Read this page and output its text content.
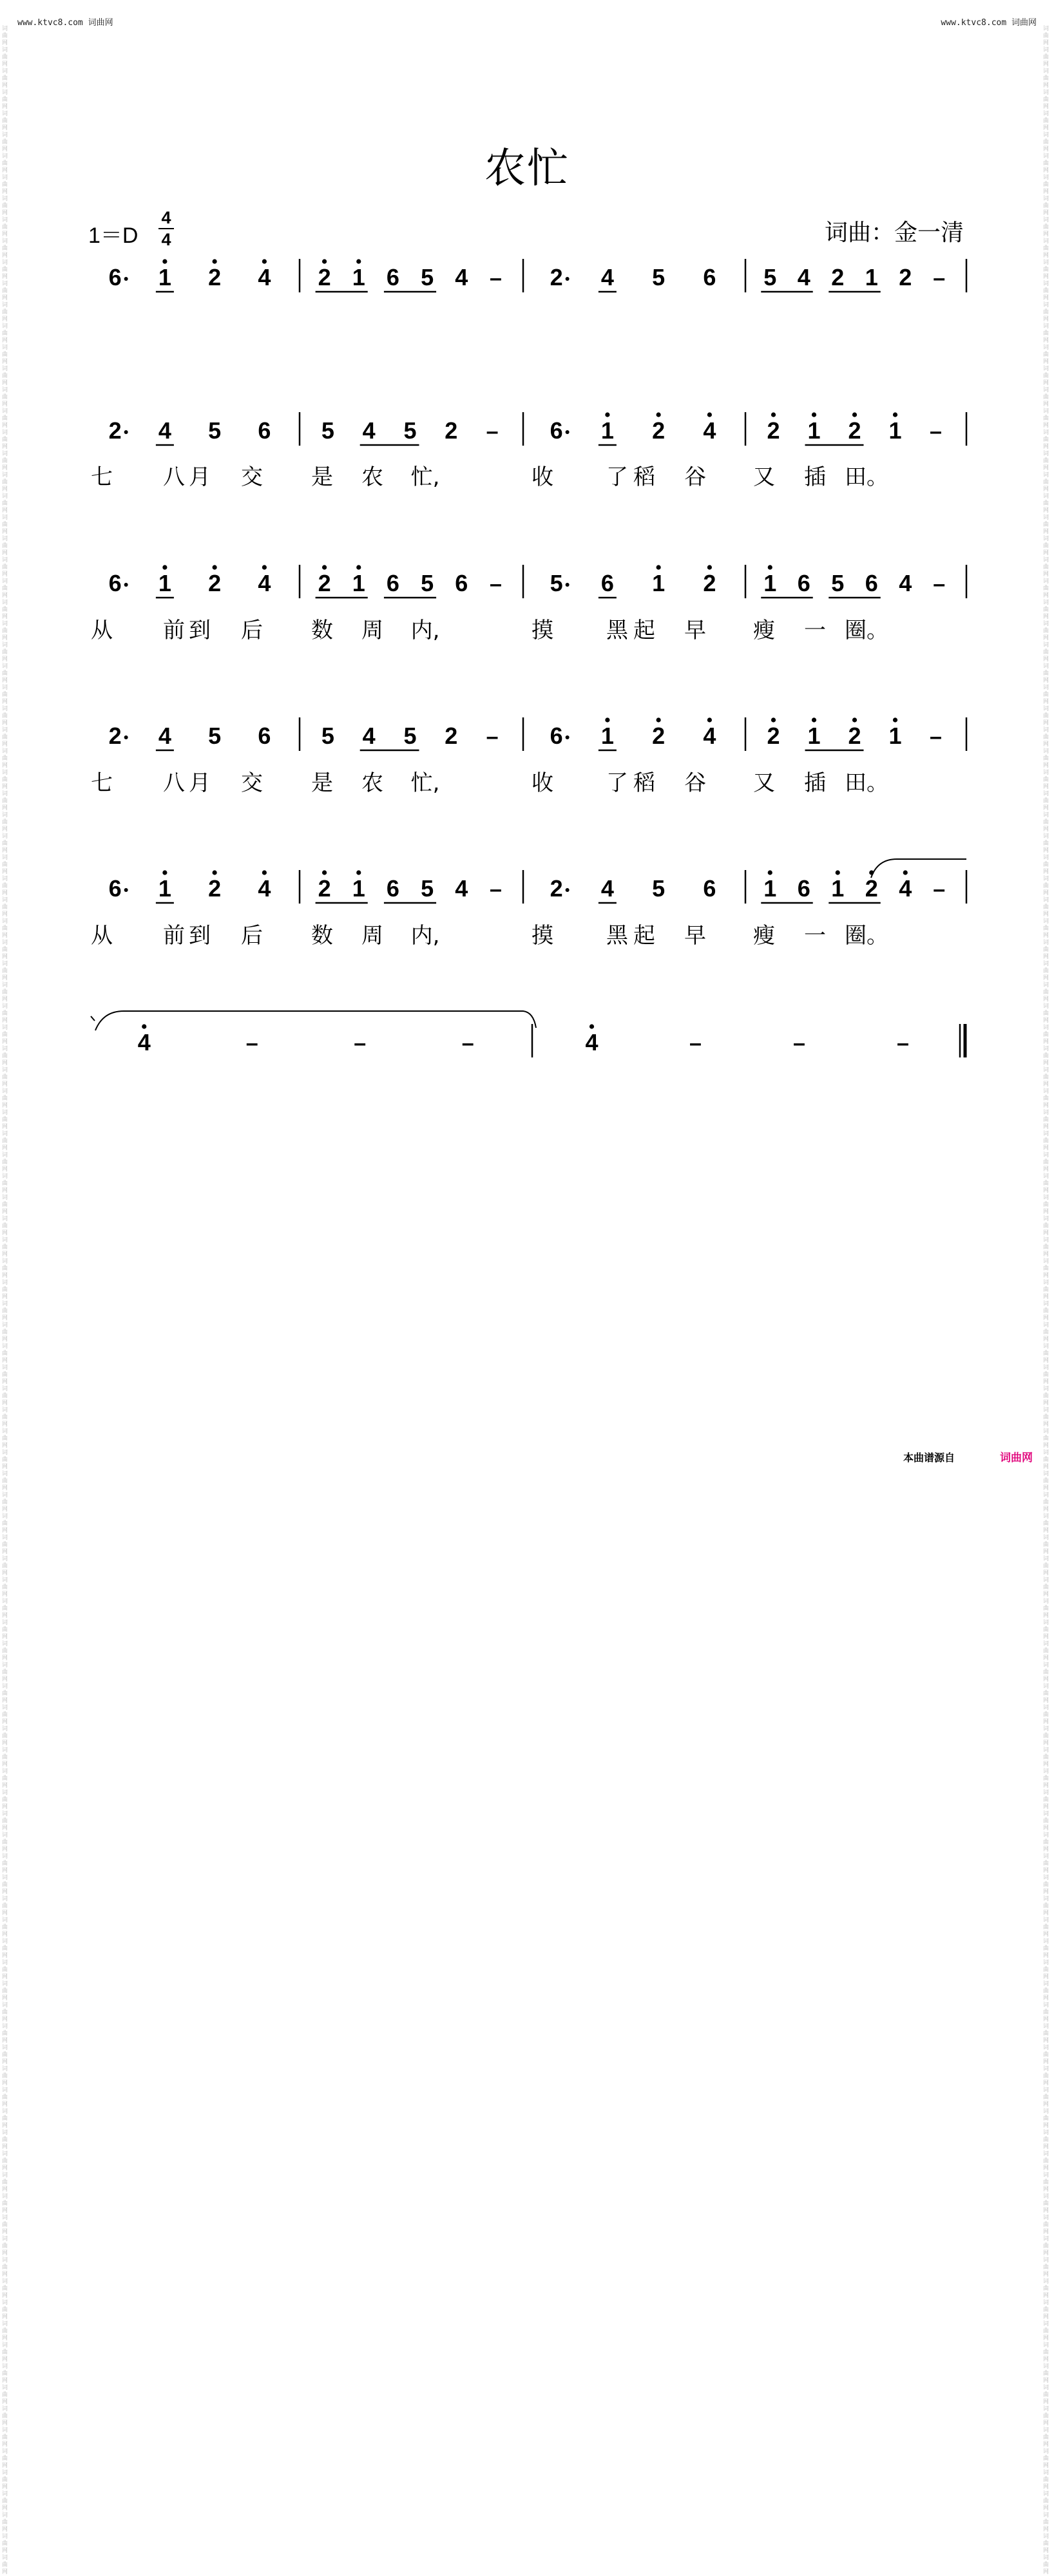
www.ktvc8.com 词曲网	www.ktvc8.com 词曲网
词曲网词曲网词曲网词曲网词曲网词曲网词曲网词曲网词曲网词曲网词曲网词曲网词曲网词曲网词曲网词曲网词曲网词曲网词曲网词曲网词曲网词曲网词曲网词曲网词曲网词曲网词曲网词曲网词曲网词曲网词曲网词曲网词曲网词曲网词曲网词曲网词曲网词曲网词曲网词曲网词曲网词曲网词曲网词曲网词曲网词曲网词曲网词曲网词曲网词曲网词曲网词曲网词曲网词曲网词曲网词曲网词曲网词曲网词曲网词曲网词曲网词曲网词曲网词曲网词曲网词曲网词曲网词曲网词曲网词曲网词曲网词曲网词曲网词曲网词曲网词曲网词曲网词曲网词曲网词曲网词曲网词曲网词曲网词曲网词曲网词曲网词曲网词曲网词曲网词曲网词曲网词曲网词曲网词曲网词曲网词曲网词曲网词曲网词曲网词曲网词曲网词曲网词曲网词曲网词曲网词曲网词曲网词曲网词曲网词曲网词曲网词曲网词曲网词曲网词曲网词曲网词曲网词曲网词曲网词曲网
词曲网词曲网词曲网词曲网词曲网词曲网词曲网词曲网词曲网词曲网词曲网词曲网词曲网词曲网词曲网词曲网词曲网词曲网词曲网词曲网词曲网词曲网词曲网词曲网词曲网词曲网词曲网词曲网词曲网词曲网词曲网词曲网词曲网词曲网词曲网词曲网词曲网词曲网词曲网词曲网词曲网词曲网词曲网词曲网词曲网词曲网词曲网词曲网词曲网词曲网词曲网词曲网词曲网词曲网词曲网词曲网词曲网词曲网词曲网词曲网词曲网词曲网词曲网词曲网词曲网词曲网词曲网词曲网词曲网词曲网词曲网词曲网词曲网词曲网词曲网词曲网词曲网词曲网词曲网词曲网词曲网词曲网词曲网词曲网词曲网词曲网词曲网词曲网词曲网词曲网词曲网词曲网词曲网词曲网词曲网词曲网词曲网词曲网词曲网词曲网词曲网词曲网词曲网词曲网词曲网词曲网词曲网词曲网词曲网词曲网词曲网词曲网词曲网词曲网词曲网词曲网词曲网词曲网词曲网词曲网
农忙
1＝D
4
4	词曲：金一清
6 1 2 4 2 1 6 5 4 – 2 4 5 6 5 4 2 1 2 –
2 4 5 6 5 4 5 2 – 6 1 2 4 2 1 2 1 –
七 八 月 交 是 农 忙,	收 了 稻 谷 又 插 田。
6 1 2 4 2 1 6 5 6 – 5 6 1 2 1 6 5 6 4 –
从 前 到 后 数 周 内,	摸 黑 起 早 瘦 一 圈。
2 4 5 6 5 4 5 2 – 6 1 2 4 2 1 2 1 –
七 八 月 交 是 农 忙,	收 了 稻 谷 又 插 田。
6 1 2 4 2 1 6 5 4 – 2 4 5 6 1 6 1 2 4 –
从 前 到 后 数 周 内,	摸 黑 起 早 瘦 一 圈。
4	–	–	–	4	–	–	–
本曲谱源自	词曲网
